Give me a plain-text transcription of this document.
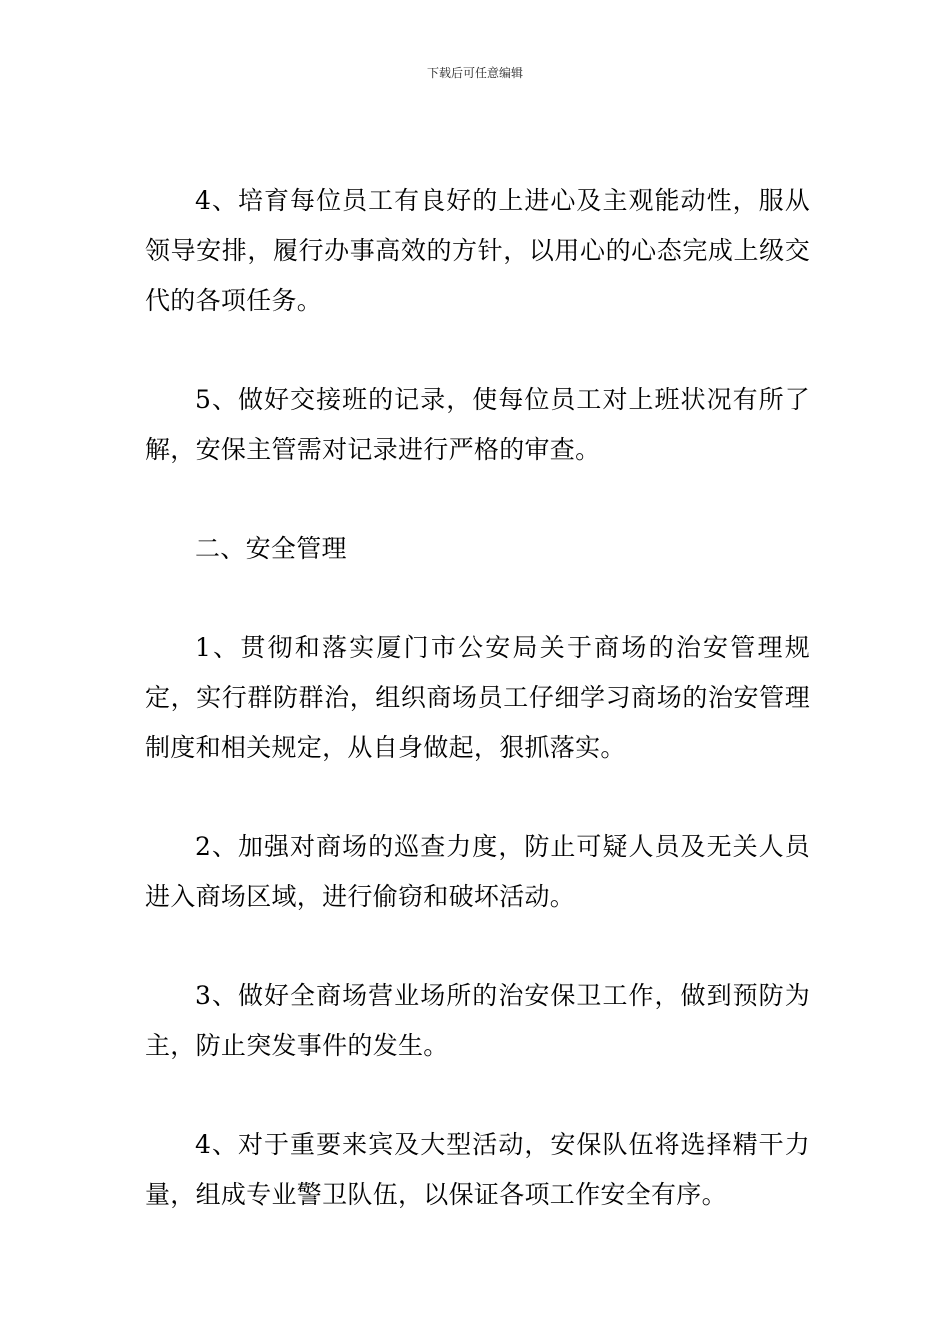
下载后可任意编辑

4、培育每位员工有良好的上进心及主观能动性，服从领导安排，履行办事高效的方针，以用心的心态完成上级交代的各项任务。

5、做好交接班的记录，使每位员工对上班状况有所了解，安保主管需对记录进行严格的审查。

二、安全管理

1、贯彻和落实厦门市公安局关于商场的治安管理规定，实行群防群治，组织商场员工仔细学习商场的治安管理制度和相关规定，从自身做起，狠抓落实。

2、加强对商场的巡查力度，防止可疑人员及无关人员进入商场区域，进行偷窃和破坏活动。

3、做好全商场营业场所的治安保卫工作，做到预防为主，防止突发事件的发生。

4、对于重要来宾及大型活动，安保队伍将选择精干力量，组成专业警卫队伍，以保证各项工作安全有序。
